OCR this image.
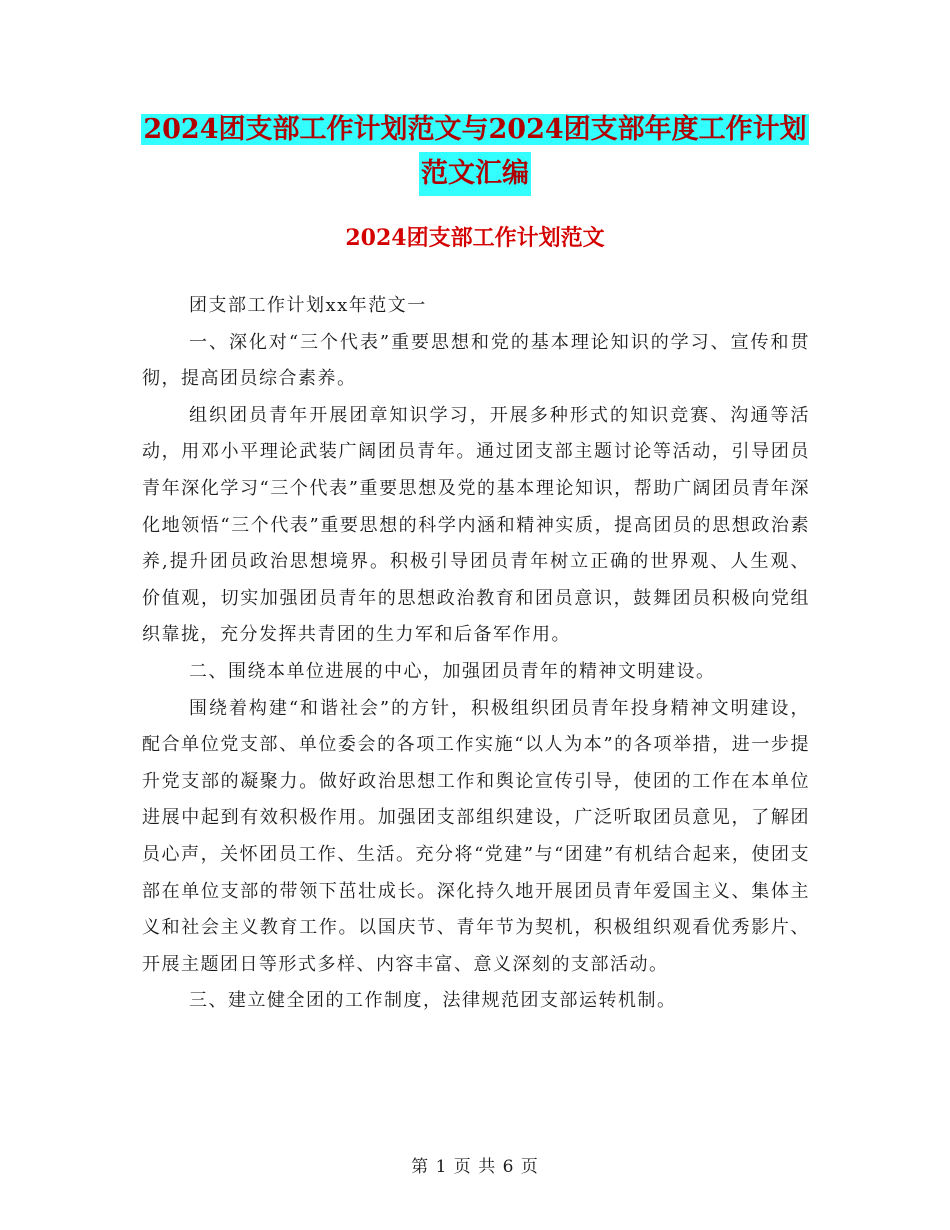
2024团支部工作计划范文与2024团支部年度工作计划
范文汇编
2024团支部工作计划范文

团支部工作计划xx年范文一

一、深化对“三个代表”重要思想和党的基本理论知识的学习、宣传和贯彻，提高团员综合素养。

组织团员青年开展团章知识学习，开展多种形式的知识竞赛、沟通等活动，用邓小平理论武装广阔团员青年。通过团支部主题讨论等活动，引导团员青年深化学习“三个代表”重要思想及党的基本理论知识，帮助广阔团员青年深化地领悟“三个代表”重要思想的科学内涵和精神实质，提高团员的思想政治素养,提升团员政治思想境界。积极引导团员青年树立正确的世界观、人生观、价值观，切实加强团员青年的思想政治教育和团员意识，鼓舞团员积极向党组织靠拢，充分发挥共青团的生力军和后备军作用。

二、围绕本单位进展的中心，加强团员青年的精神文明建设。

围绕着构建“和谐社会”的方针，积极组织团员青年投身精神文明建设，配合单位党支部、单位委会的各项工作实施“以人为本”的各项举措，进一步提升党支部的凝聚力。做好政治思想工作和舆论宣传引导，使团的工作在本单位进展中起到有效积极作用。加强团支部组织建设，广泛听取团员意见，了解团员心声，关怀团员工作、生活。充分将“党建”与“团建”有机结合起来，使团支部在单位支部的带领下茁壮成长。深化持久地开展团员青年爱国主义、集体主义和社会主义教育工作。以国庆节、青年节为契机，积极组织观看优秀影片、开展主题团日等形式多样、内容丰富、意义深刻的支部活动。

三、建立健全团的工作制度，法律规范团支部运转机制。

第 1 页 共 6 页
